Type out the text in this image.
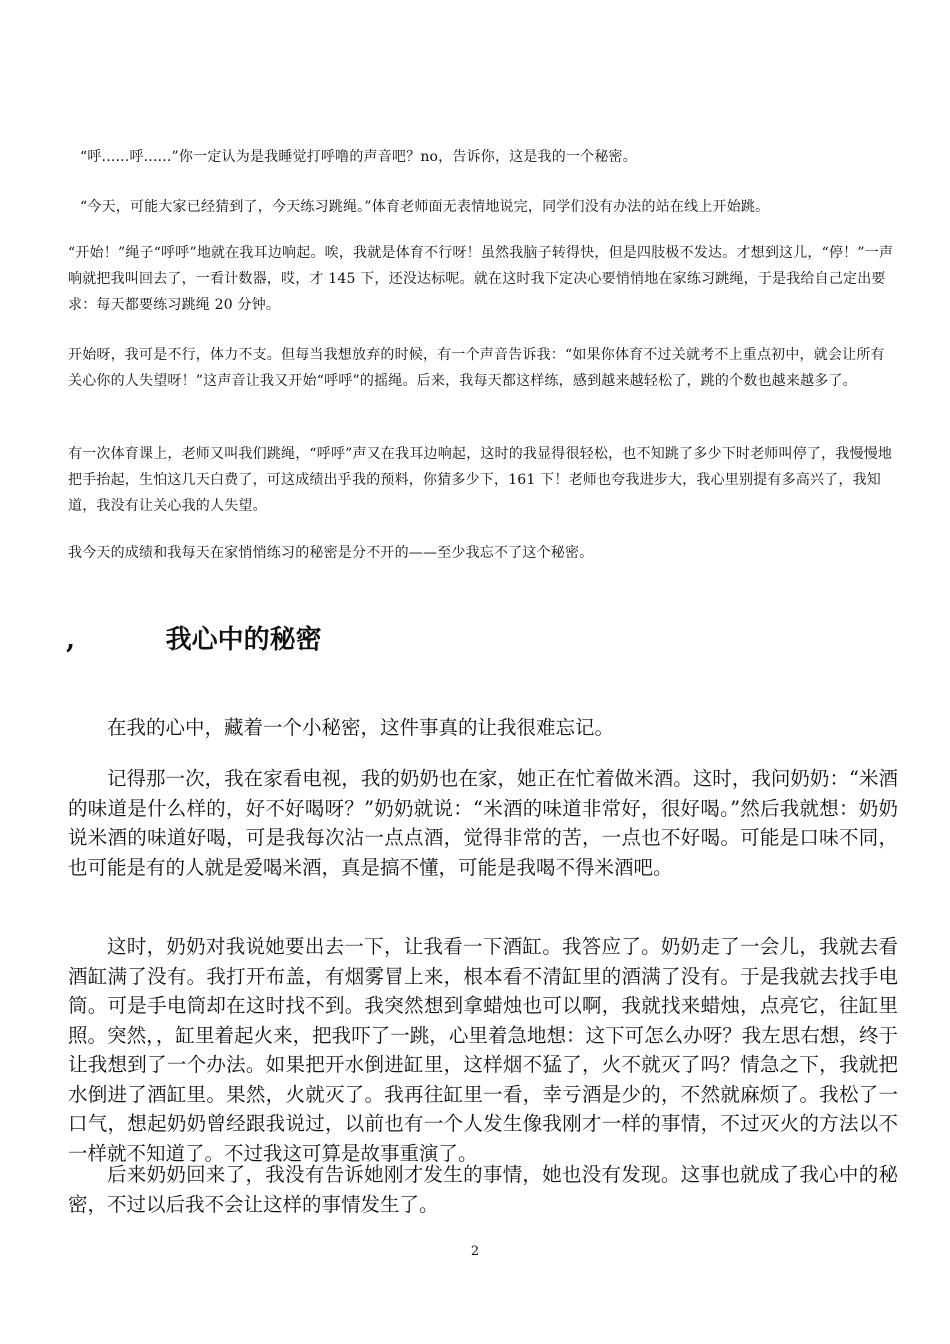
“呼......呼......”你一定认为是我睡觉打呼噜的声音吧？no，告诉你，这是我的一个秘密。

“今天，可能大家已经猜到了，今天练习跳绳。”体育老师面无表情地说完，同学们没有办法的站在线上开始跳。

“开始！”绳子“呼呼”地就在我耳边响起。唉，我就是体育不行呀！虽然我脑子转得快，但是四肢极不发达。才想到这儿，“停！”一声响就把我叫回去了，一看计数器，哎，才 145 下，还没达标呢。就在这时我下定决心要悄悄地在家练习跳绳，于是我给自己定出要求：每天都要练习跳绳 20 分钟。

开始呀，我可是不行，体力不支。但每当我想放弃的时候，有一个声音告诉我：“如果你体育不过关就考不上重点初中，就会让所有关心你的人失望呀！”这声音让我又开始“呼呼”的摇绳。后来，我每天都这样练，感到越来越轻松了，跳的个数也越来越多了。

有一次体育课上，老师又叫我们跳绳，“呼呼”声又在我耳边响起，这时的我显得很轻松，也不知跳了多少下时老师叫停了，我慢慢地把手抬起，生怕这几天白费了，可这成绩出乎我的预料，你猜多少下，161 下！老师也夸我进步大，我心里别提有多高兴了，我知道，我没有让关心我的人失望。

我今天的成绩和我每天在家悄悄练习的秘密是分不开的——至少我忘不了这个秘密。

,          我心中的秘密

在我的心中，藏着一个小秘密，这件事真的让我很难忘记。

记得那一次，我在家看电视，我的奶奶也在家，她正在忙着做米酒。这时，我问奶奶：“米酒的味道是什么样的，好不好喝呀？”奶奶就说：“米酒的味道非常好，很好喝。”然后我就想：奶奶说米酒的味道好喝，可是我每次沾一点点酒，觉得非常的苦，一点也不好喝。可能是口味不同，也可能是有的人就是爱喝米酒，真是搞不懂，可能是我喝不得米酒吧。

这时，奶奶对我说她要出去一下，让我看一下酒缸。我答应了。奶奶走了一会儿，我就去看酒缸满了没有。我打开布盖，有烟雾冒上来，根本看不清缸里的酒满了没有。于是我就去找手电筒。可是手电筒却在这时找不到。我突然想到拿蜡烛也可以啊，我就找来蜡烛，点亮它，往缸里照。突然，，缸里着起火来，把我吓了一跳，心里着急地想：这下可怎么办呀？我左思右想，终于让我想到了一个办法。如果把开水倒进缸里，这样烟不猛了，火不就灭了吗？情急之下，我就把水倒进了酒缸里。果然，火就灭了。我再往缸里一看，幸亏酒是少的，不然就麻烦了。我松了一口气，想起奶奶曾经跟我说过，以前也有一个人发生像我刚才一样的事情，不过灭火的方法以不一样就不知道了。不过我这可算是故事重演了。

后来奶奶回来了，我没有告诉她刚才发生的事情，她也没有发现。这事也就成了我心中的秘密，不过以后我不会让这样的事情发生了。

2
